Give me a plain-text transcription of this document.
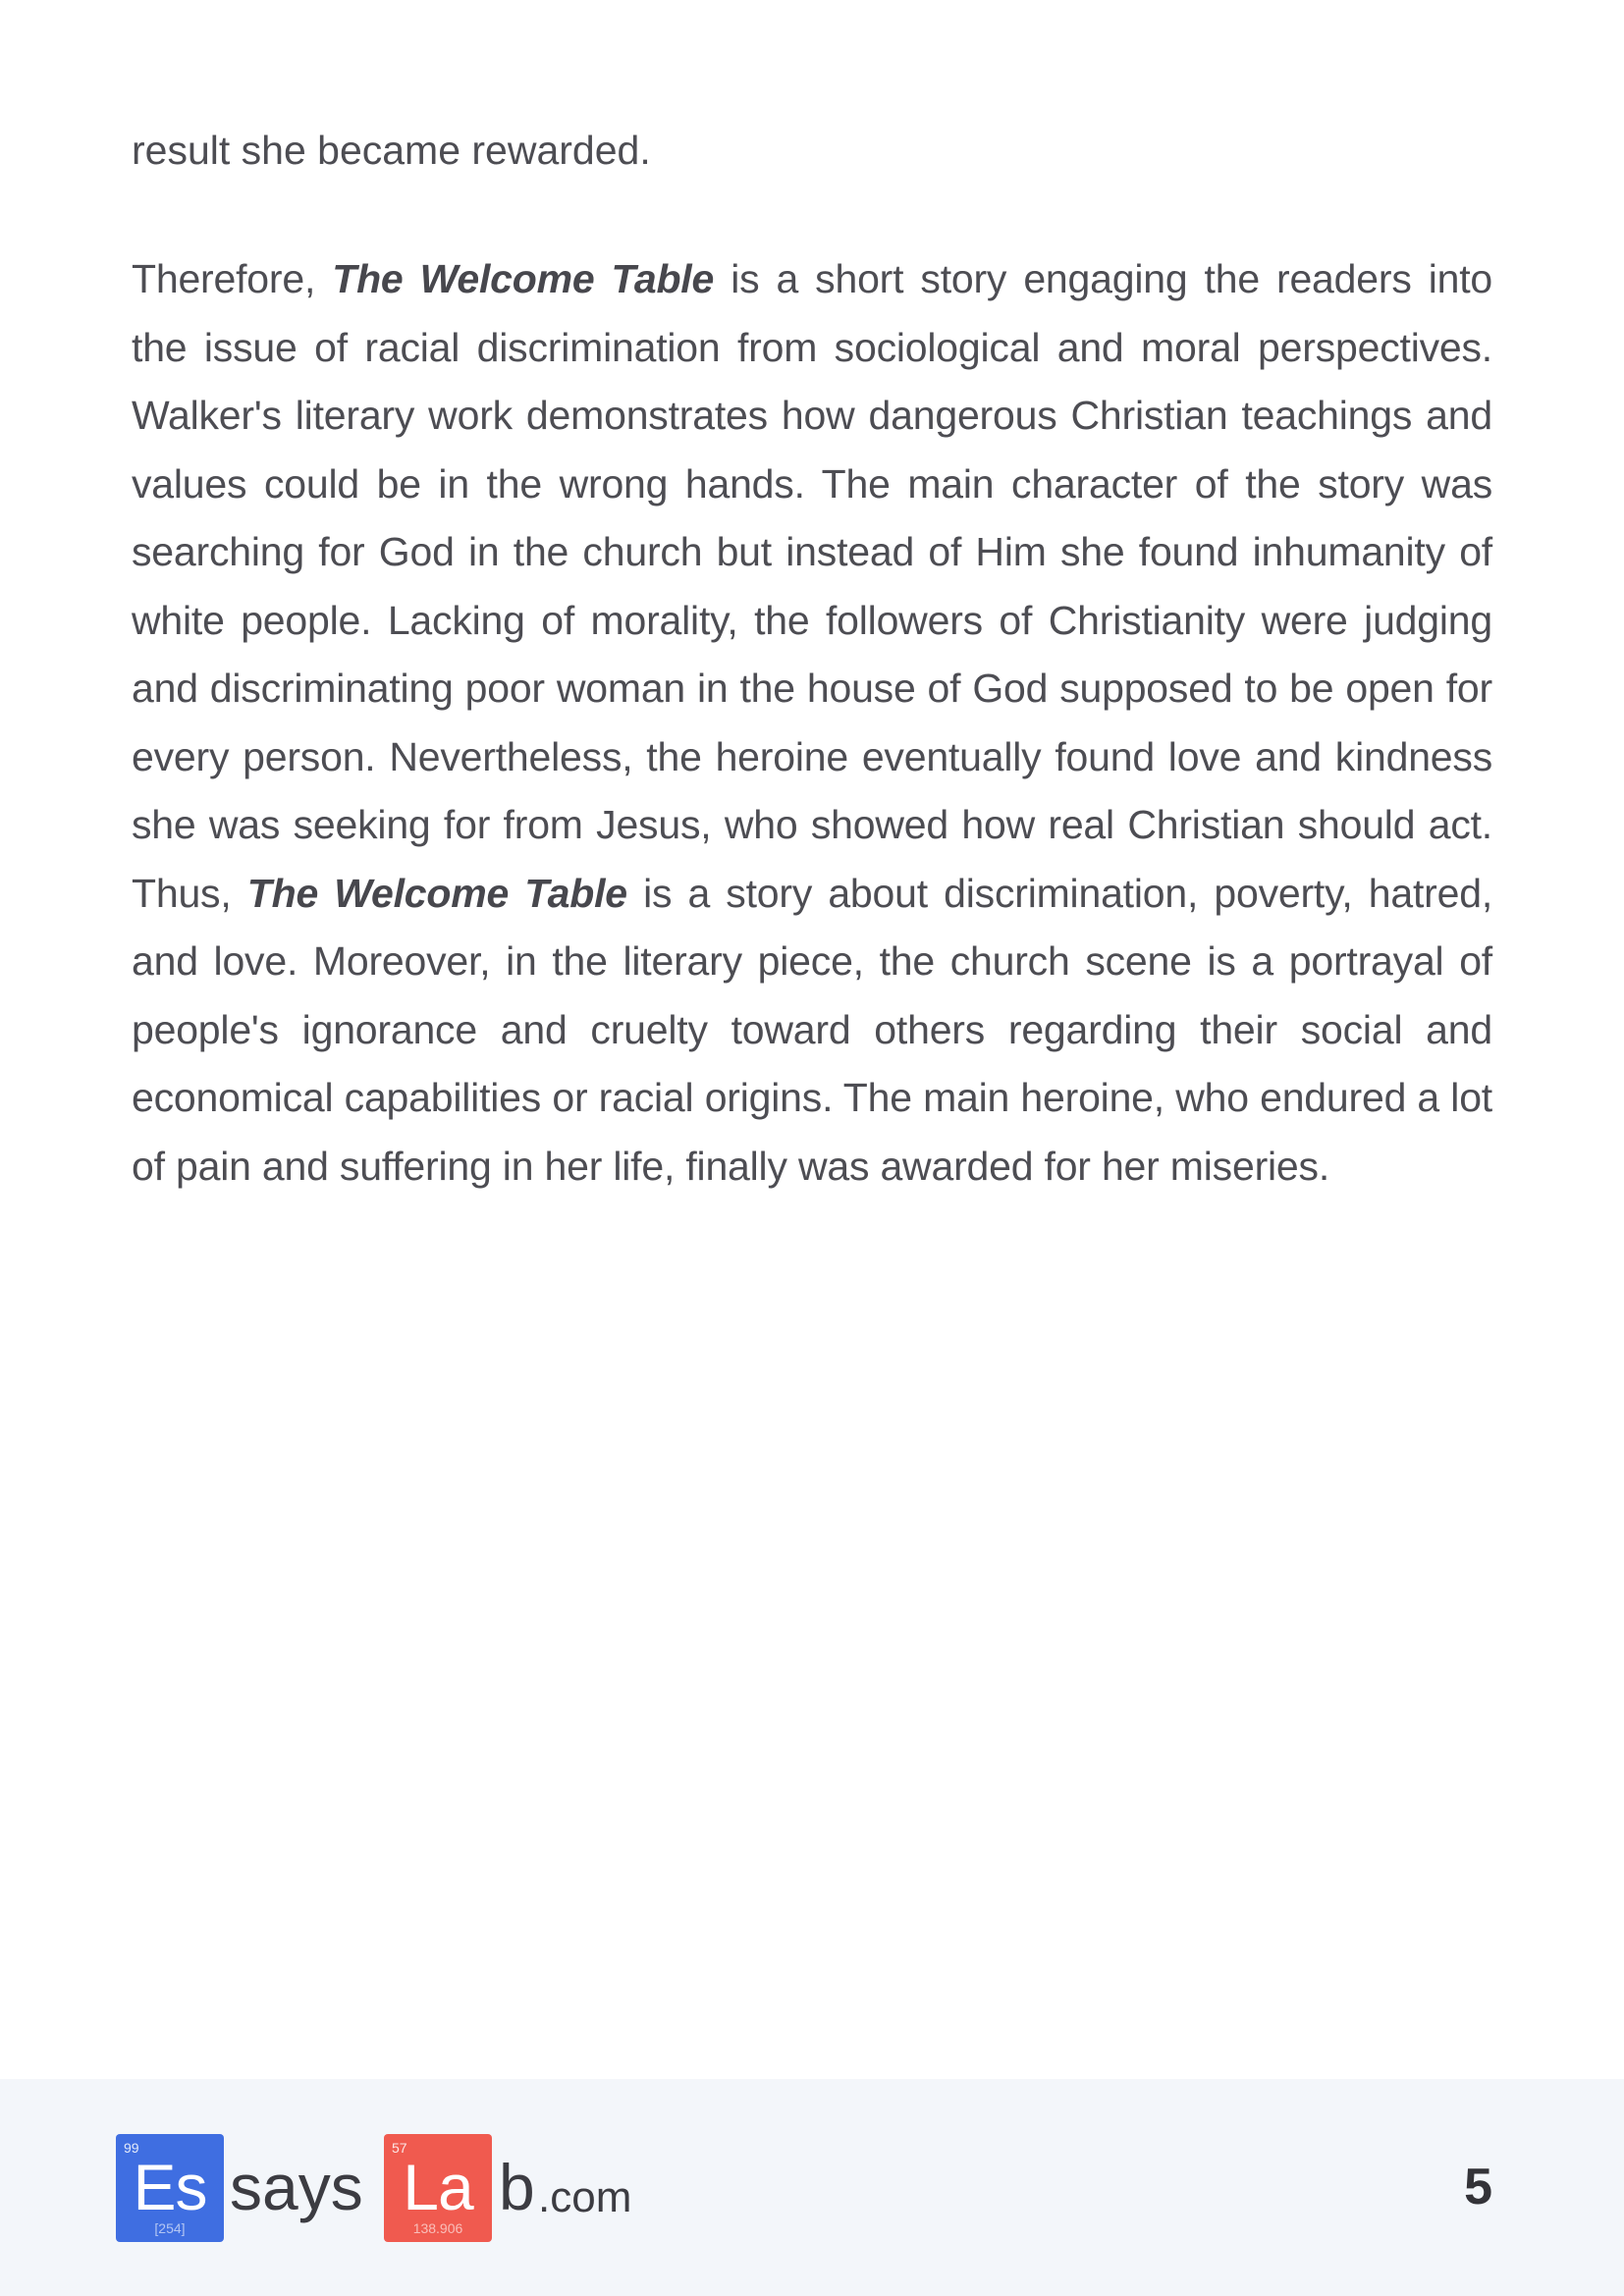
result she became rewarded.

Therefore, The Welcome Table is a short story engaging the readers into the issue of racial discrimination from sociological and moral perspectives. Walker's literary work demonstrates how dangerous Christian teachings and values could be in the wrong hands. The main character of the story was searching for God in the church but instead of Him she found inhumanity of white people. Lacking of morality, the followers of Christianity were judging and discriminating poor woman in the house of God supposed to be open for every person. Nevertheless, the heroine eventually found love and kindness she was seeking for from Jesus, who showed how real Christian should act. Thus, The Welcome Table is a story about discrimination, poverty, hatred, and love. Moreover, in the literary piece, the church scene is a portrayal of people's ignorance and cruelty toward others regarding their social and economical capabilities or racial origins. The main heroine, who endured a lot of pain and suffering in her life, finally was awarded for her miseries.

99
Es
[254]
says
57
La
138.906
b .com	5
